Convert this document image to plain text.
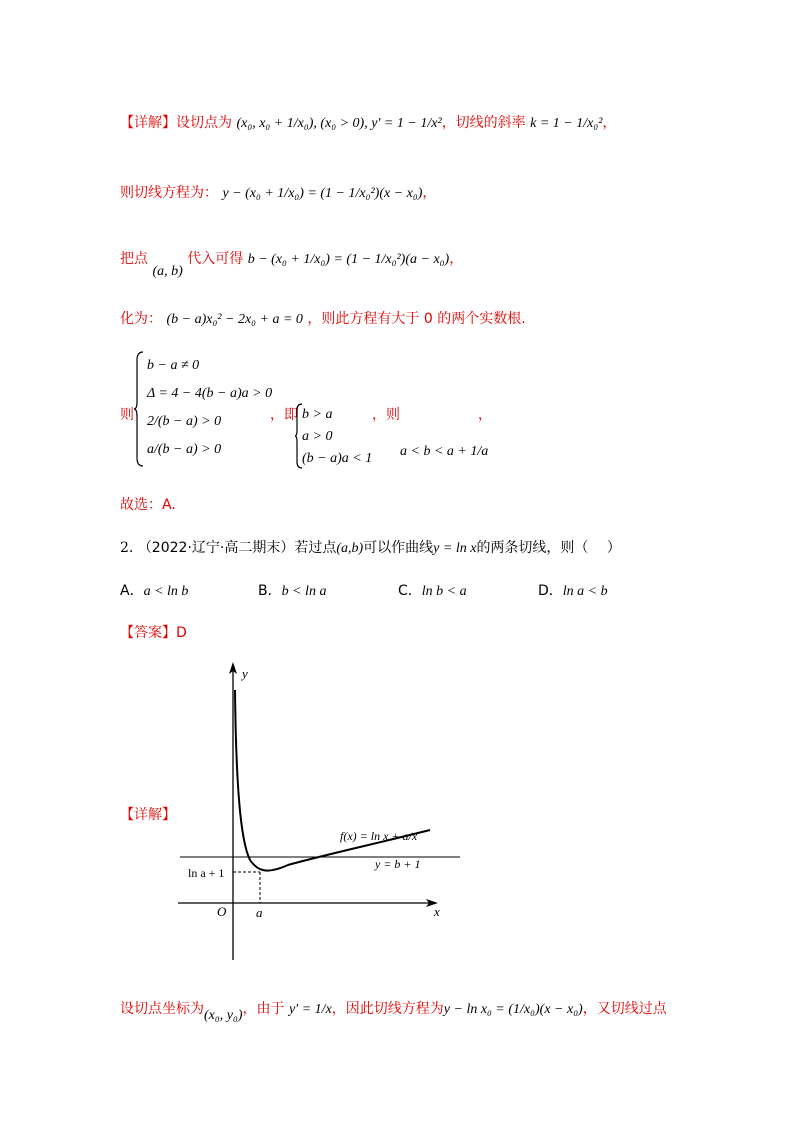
【详解】设切点为 (x₀, x₀ + 1/x₀), (x₀ > 0), y′ = 1 − 1/x²，切线的斜率 k = 1 − 1/x₀²，
则切线方程为： y − (x₀ + 1/x₀) = (1 − 1/x₀²)(x − x₀)，
把点 (a, b) 代入可得 b − (x₀ + 1/x₀) = (1 − 1/x₀²)(a − x₀)，
化为： (b − a)x₀² − 2x₀ + a = 0 ，则此方程有大于 0 的两个实数根.
则
b − a ≠ 0
Δ = 4 − 4(b − a)a > 0
2/(b − a) > 0
a/(b − a) > 0
，即 b > a
a > 0
(b − a)a < 1
，则
a < b < a + 1/a
，
故选：A.
2. （2022·辽宁·高二期末）若过点(a,b)可以作曲线y = ln x的两条切线，则（　 ）
A．a < ln b	B．b < ln a	C．ln b < a	D．ln a < b
【答案】D
【详解】
y
x
O a
ln a + 1
f(x) = ln x + a/x
y = b + 1
设切点坐标为(x₀, y₀)，由于 y′ = 1/x，因此切线方程为y − ln x₀ = (1/x₀)(x − x₀)，又切线过点
